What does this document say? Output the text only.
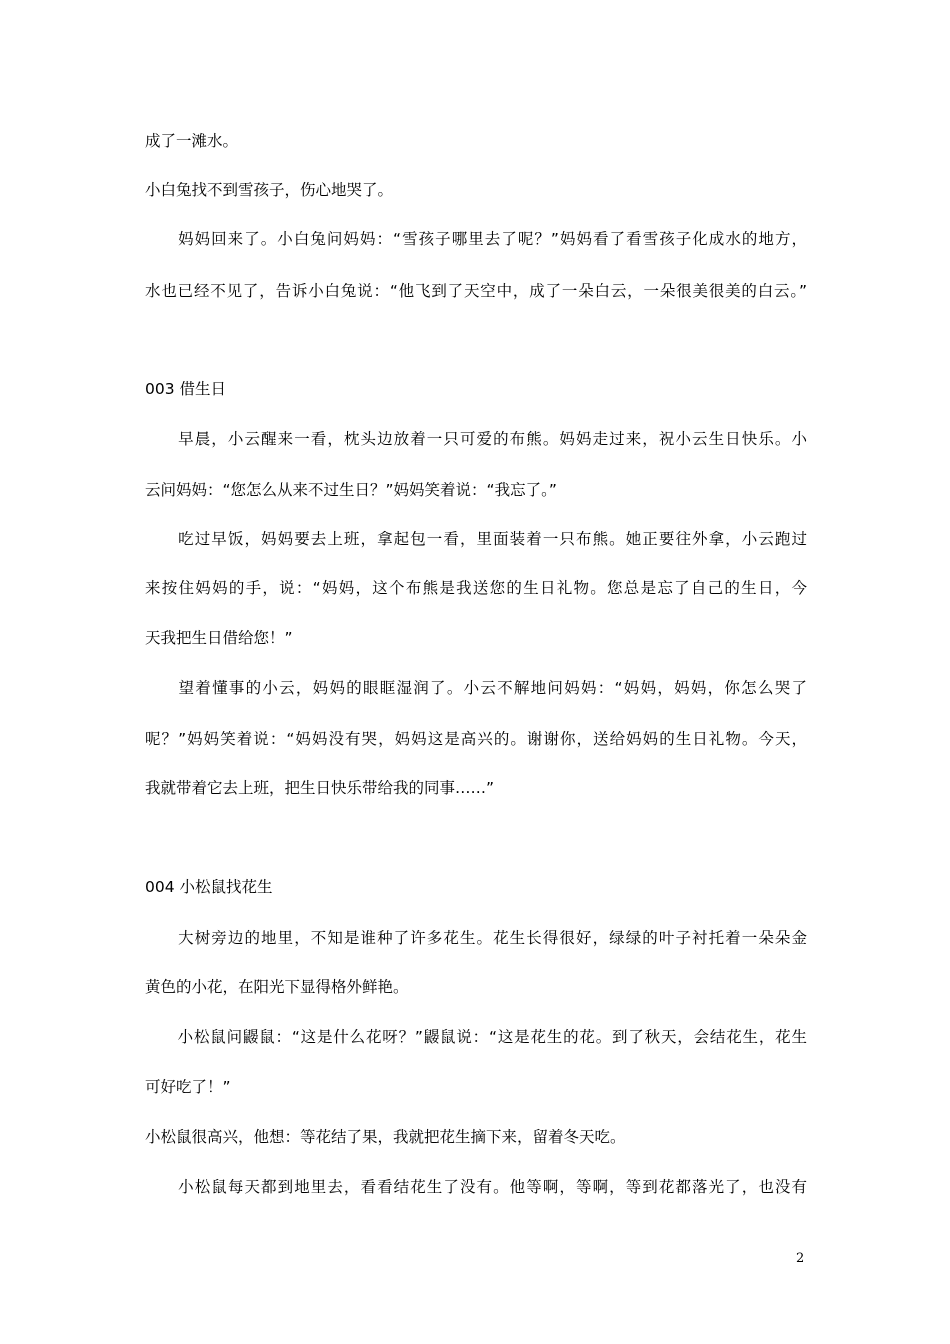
成了一滩水。
小白兔找不到雪孩子，伤心地哭了。
　　妈妈回来了。小白兔问妈妈：“雪孩子哪里去了呢？”妈妈看了看雪孩子化成水的地方，
水也已经不见了，告诉小白兔说：“他飞到了天空中，成了一朵白云，一朵很美很美的白云。”
003 借生日
　　早晨，小云醒来一看，枕头边放着一只可爱的布熊。妈妈走过来，祝小云生日快乐。小
云问妈妈：“您怎么从来不过生日？”妈妈笑着说：“我忘了。”
　　吃过早饭，妈妈要去上班，拿起包一看，里面装着一只布熊。她正要往外拿，小云跑过
来按住妈妈的手，说：“妈妈，这个布熊是我送您的生日礼物。您总是忘了自己的生日，今
天我把生日借给您！”
　　望着懂事的小云，妈妈的眼眶湿润了。小云不解地问妈妈：“妈妈，妈妈，你怎么哭了
呢？”妈妈笑着说：“妈妈没有哭，妈妈这是高兴的。谢谢你，送给妈妈的生日礼物。今天，
我就带着它去上班，把生日快乐带给我的同事……”
004 小松鼠找花生
　　大树旁边的地里，不知是谁种了许多花生。花生长得很好，绿绿的叶子衬托着一朵朵金
黄色的小花，在阳光下显得格外鲜艳。
　　小松鼠问鼹鼠：“这是什么花呀？”鼹鼠说：“这是花生的花。到了秋天，会结花生，花生
可好吃了！”
小松鼠很高兴，他想：等花结了果，我就把花生摘下来，留着冬天吃。
　　小松鼠每天都到地里去，看看结花生了没有。他等啊，等啊，等到花都落光了，也没有
2
